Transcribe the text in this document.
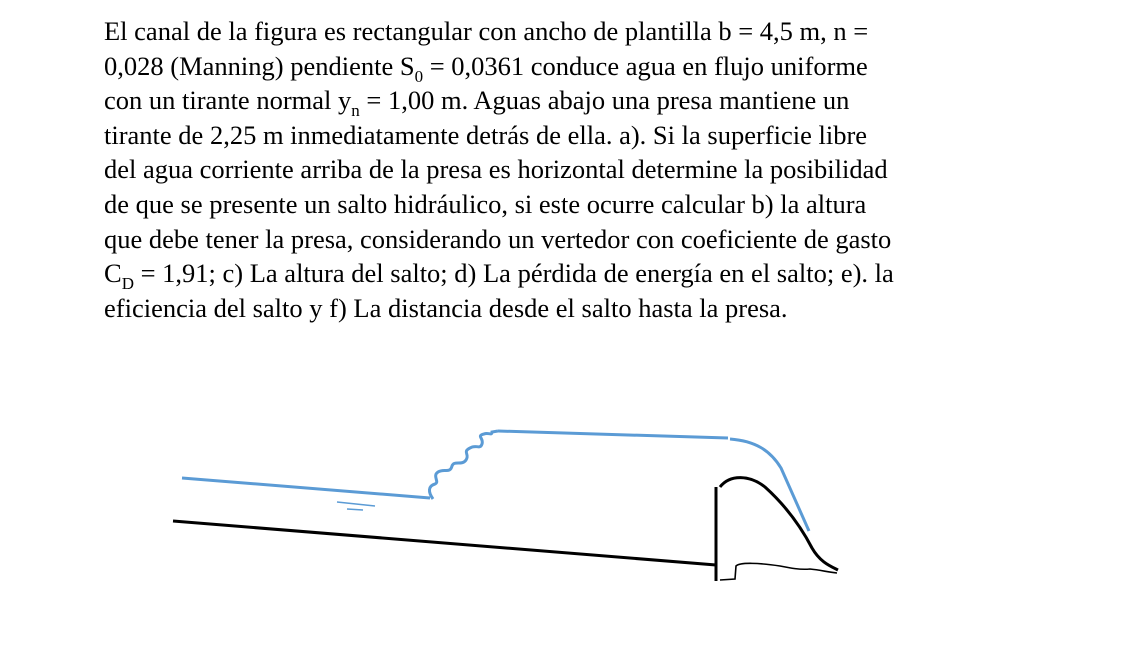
El canal de la figura es rectangular con ancho de plantilla b = 4,5 m, n =
0,028 (Manning) pendiente $S_0 = 0,0361$ conduce agua en flujo uniforme
con un tirante normal $y_n = 1,00$ m. Aguas abajo una presa mantiene un
tirante de 2,25 m inmediatamente detrás de ella. a). Si la superficie libre
del agua corriente arriba de la presa es horizontal determine la posibilidad
de que se presente un salto hidráulico, si este ocurre calcular b) la altura
que debe tener la presa, considerando un vertedor con coeficiente de gasto
$C_D = 1,91$; c) La altura del salto; d) La pérdida de energía en el salto; e). la
eficiencia del salto y f) La distancia desde el salto hasta la presa.
